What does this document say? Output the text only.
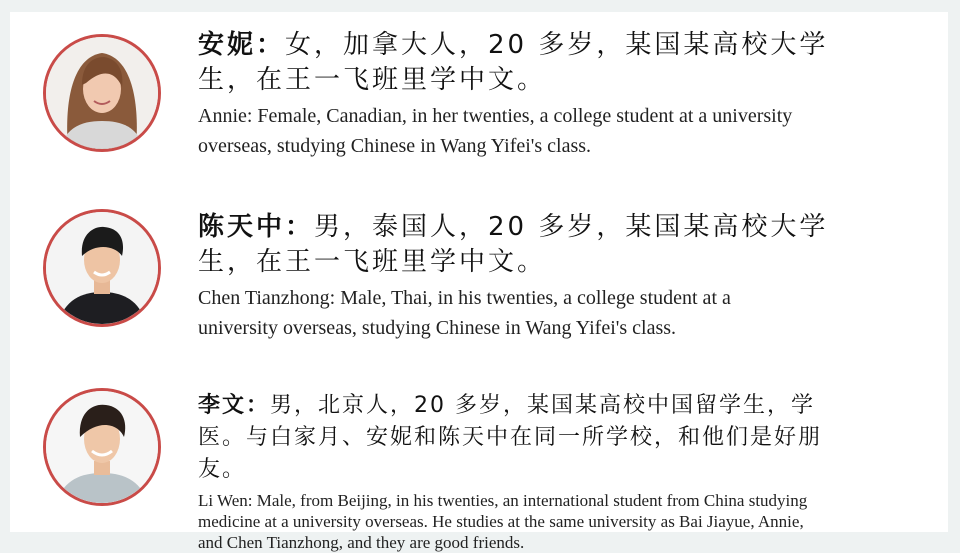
安妮：女，加拿大人，20 多岁，某国某高校大学
生，在王一飞班里学中文。
Annie: Female, Canadian, in her twenties, a college student at a university
overseas, studying Chinese in Wang Yifei's class.
陈天中：男，泰国人，20 多岁，某国某高校大学
生，在王一飞班里学中文。
Chen Tianzhong: Male, Thai, in his twenties, a college student at a
university overseas, studying Chinese in Wang Yifei's class.
李文：男，北京人，20 多岁，某国某高校中国留学生，学
医。与白家月、安妮和陈天中在同一所学校，和他们是好朋
友。
Li Wen: Male, from Beijing, in his twenties, an international student from China studying
medicine at a university overseas. He studies at the same university as Bai Jiayue, Annie,
and Chen Tianzhong, and they are good friends.
